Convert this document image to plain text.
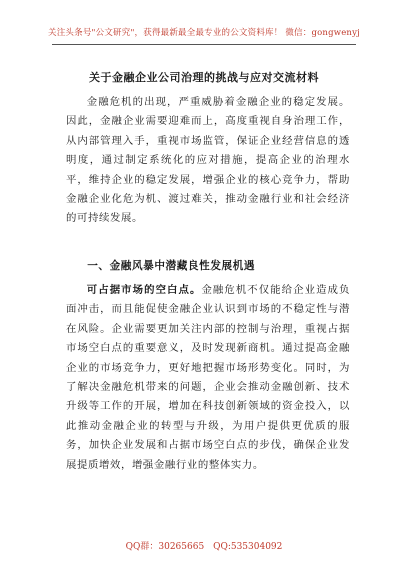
关注头条号"公文研究"，获得最新最全最专业的公文资料库！ 微信：gongwenyj
关于金融企业公司治理的挑战与应对交流材料

金融危机的出现，严重威胁着金融企业的稳定发展。因此，金融企业需要迎难而上，高度重视自身治理工作，从内部管理入手，重视市场监管，保证企业经营信息的透明度，通过制定系统化的应对措施，提高企业的治理水平，维持企业的稳定发展，增强企业的核心竞争力，帮助金融企业化危为机、渡过难关，推动金融行业和社会经济的可持续发展。

一、金融风暴中潜藏良性发展机遇

可占据市场的空白点。金融危机不仅能给企业造成负面冲击，而且能促使金融企业认识到市场的不稳定性与潜在风险。企业需要更加关注内部的控制与治理，重视占据市场空白点的重要意义，及时发现新商机。通过提高金融企业的市场竞争力，更好地把握市场形势变化。同时，为了解决金融危机带来的问题，企业会推动金融创新、技术升级等工作的开展，增加在科技创新领域的资金投入，以此推动金融企业的转型与升级，为用户提供更优质的服务，加快企业发展和占据市场空白点的步伐，确保企业发展提质增效，增强金融行业的整体实力。

QQ群：30265665 QQ:535304092
